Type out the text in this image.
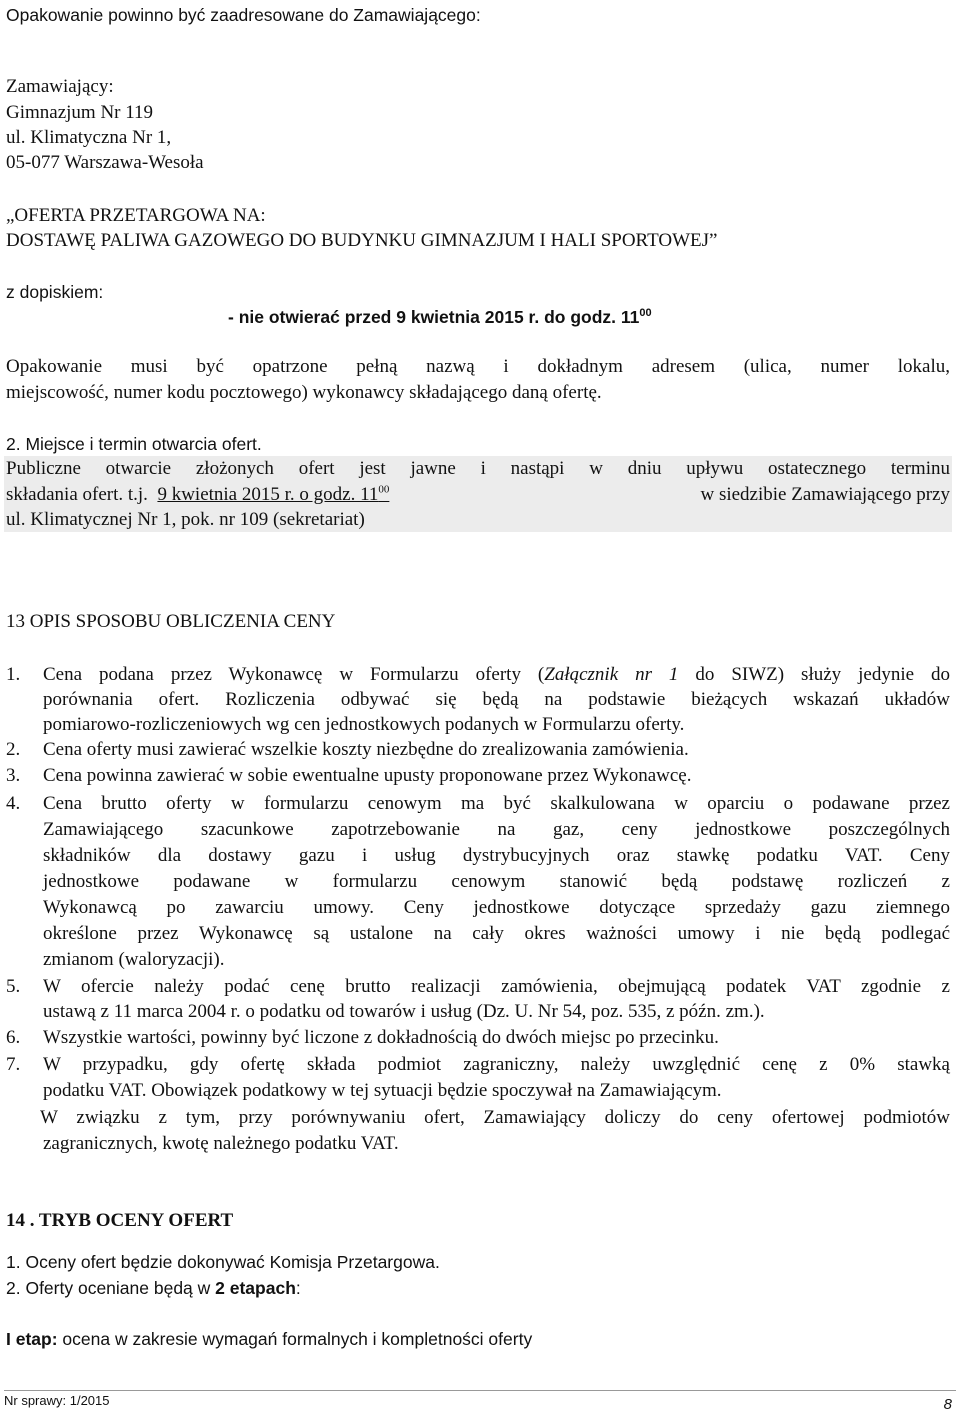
Opakowanie powinno być zaadresowane do Zamawiającego:
Zamawiający:
Gimnazjum Nr 119
ul. Klimatyczna Nr 1,
05-077 Warszawa-Wesoła
„OFERTA PRZETARGOWA NA:
DOSTAWĘ PALIWA GAZOWEGO DO BUDYNKU GIMNAZJUM I HALI SPORTOWEJ”
z dopiskiem:
- nie otwierać przed 9 kwietnia 2015 r. do godz. $11^{00}$
Opakowanie musi być opatrzone pełną nazwą i dokładnym adresem (ulica, numer lokalu,
miejscowość, numer kodu pocztowego) wykonawcy składającego daną ofertę.
2. Miejsce i termin otwarcia ofert.
Publiczne otwarcie złożonych ofert jest jawne i nastąpi w dniu upływu ostatecznego terminu
składania ofert. t.j. 9 kwietnia 2015 r. o godz. $11^{00}$	w siedzibie Zamawiającego przy
ul. Klimatycznej Nr 1, pok. nr 109 (sekretariat)
13 OPIS SPOSOBU OBLICZENIA CENY
1. Cena podana przez Wykonawcę w Formularzu oferty (Załącznik nr 1 do SIWZ) służy jedynie do
porównania ofert. Rozliczenia odbywać się będą na podstawie bieżących wskazań układów
pomiarowo-rozliczeniowych wg cen jednostkowych podanych w Formularzu oferty.
2. Cena oferty musi zawierać wszelkie koszty niezbędne do zrealizowania zamówienia.
3. Cena powinna zawierać w sobie ewentualne upusty proponowane przez Wykonawcę.
4. Cena brutto oferty w formularzu cenowym ma być skalkulowana w oparciu o podawane przez
Zamawiającego szacunkowe zapotrzebowanie na gaz, ceny jednostkowe poszczególnych
składników dla dostawy gazu i usług dystrybucyjnych oraz stawkę podatku VAT. Ceny
jednostkowe podawane w formularzu cenowym stanowić będą podstawę rozliczeń z
Wykonawcą po zawarciu umowy. Ceny jednostkowe dotyczące sprzedaży gazu ziemnego
określone przez Wykonawcę są ustalone na cały okres ważności umowy i nie będą podlegać
zmianom (waloryzacji).
5. W ofercie należy podać cenę brutto realizacji zamówienia, obejmującą podatek VAT zgodnie z
ustawą z 11 marca 2004 r. o podatku od towarów i usług (Dz. U. Nr 54, poz. 535, z późn. zm.).
6. Wszystkie wartości, powinny być liczone z dokładnością do dwóch miejsc po przecinku.
7. W przypadku, gdy ofertę składa podmiot zagraniczny, należy uwzględnić cenę z 0% stawką
podatku VAT. Obowiązek podatkowy w tej sytuacji będzie spoczywał na Zamawiającym.
W związku z tym, przy porównywaniu ofert, Zamawiający doliczy do ceny ofertowej podmiotów
zagranicznych, kwotę należnego podatku VAT.
14 . TRYB OCENY OFERT
1. Oceny ofert będzie dokonywać Komisja Przetargowa.
2. Oferty oceniane będą w 2 etapach:
I etap: ocena w zakresie wymagań formalnych i kompletności oferty
Nr sprawy: 1/2015	8
